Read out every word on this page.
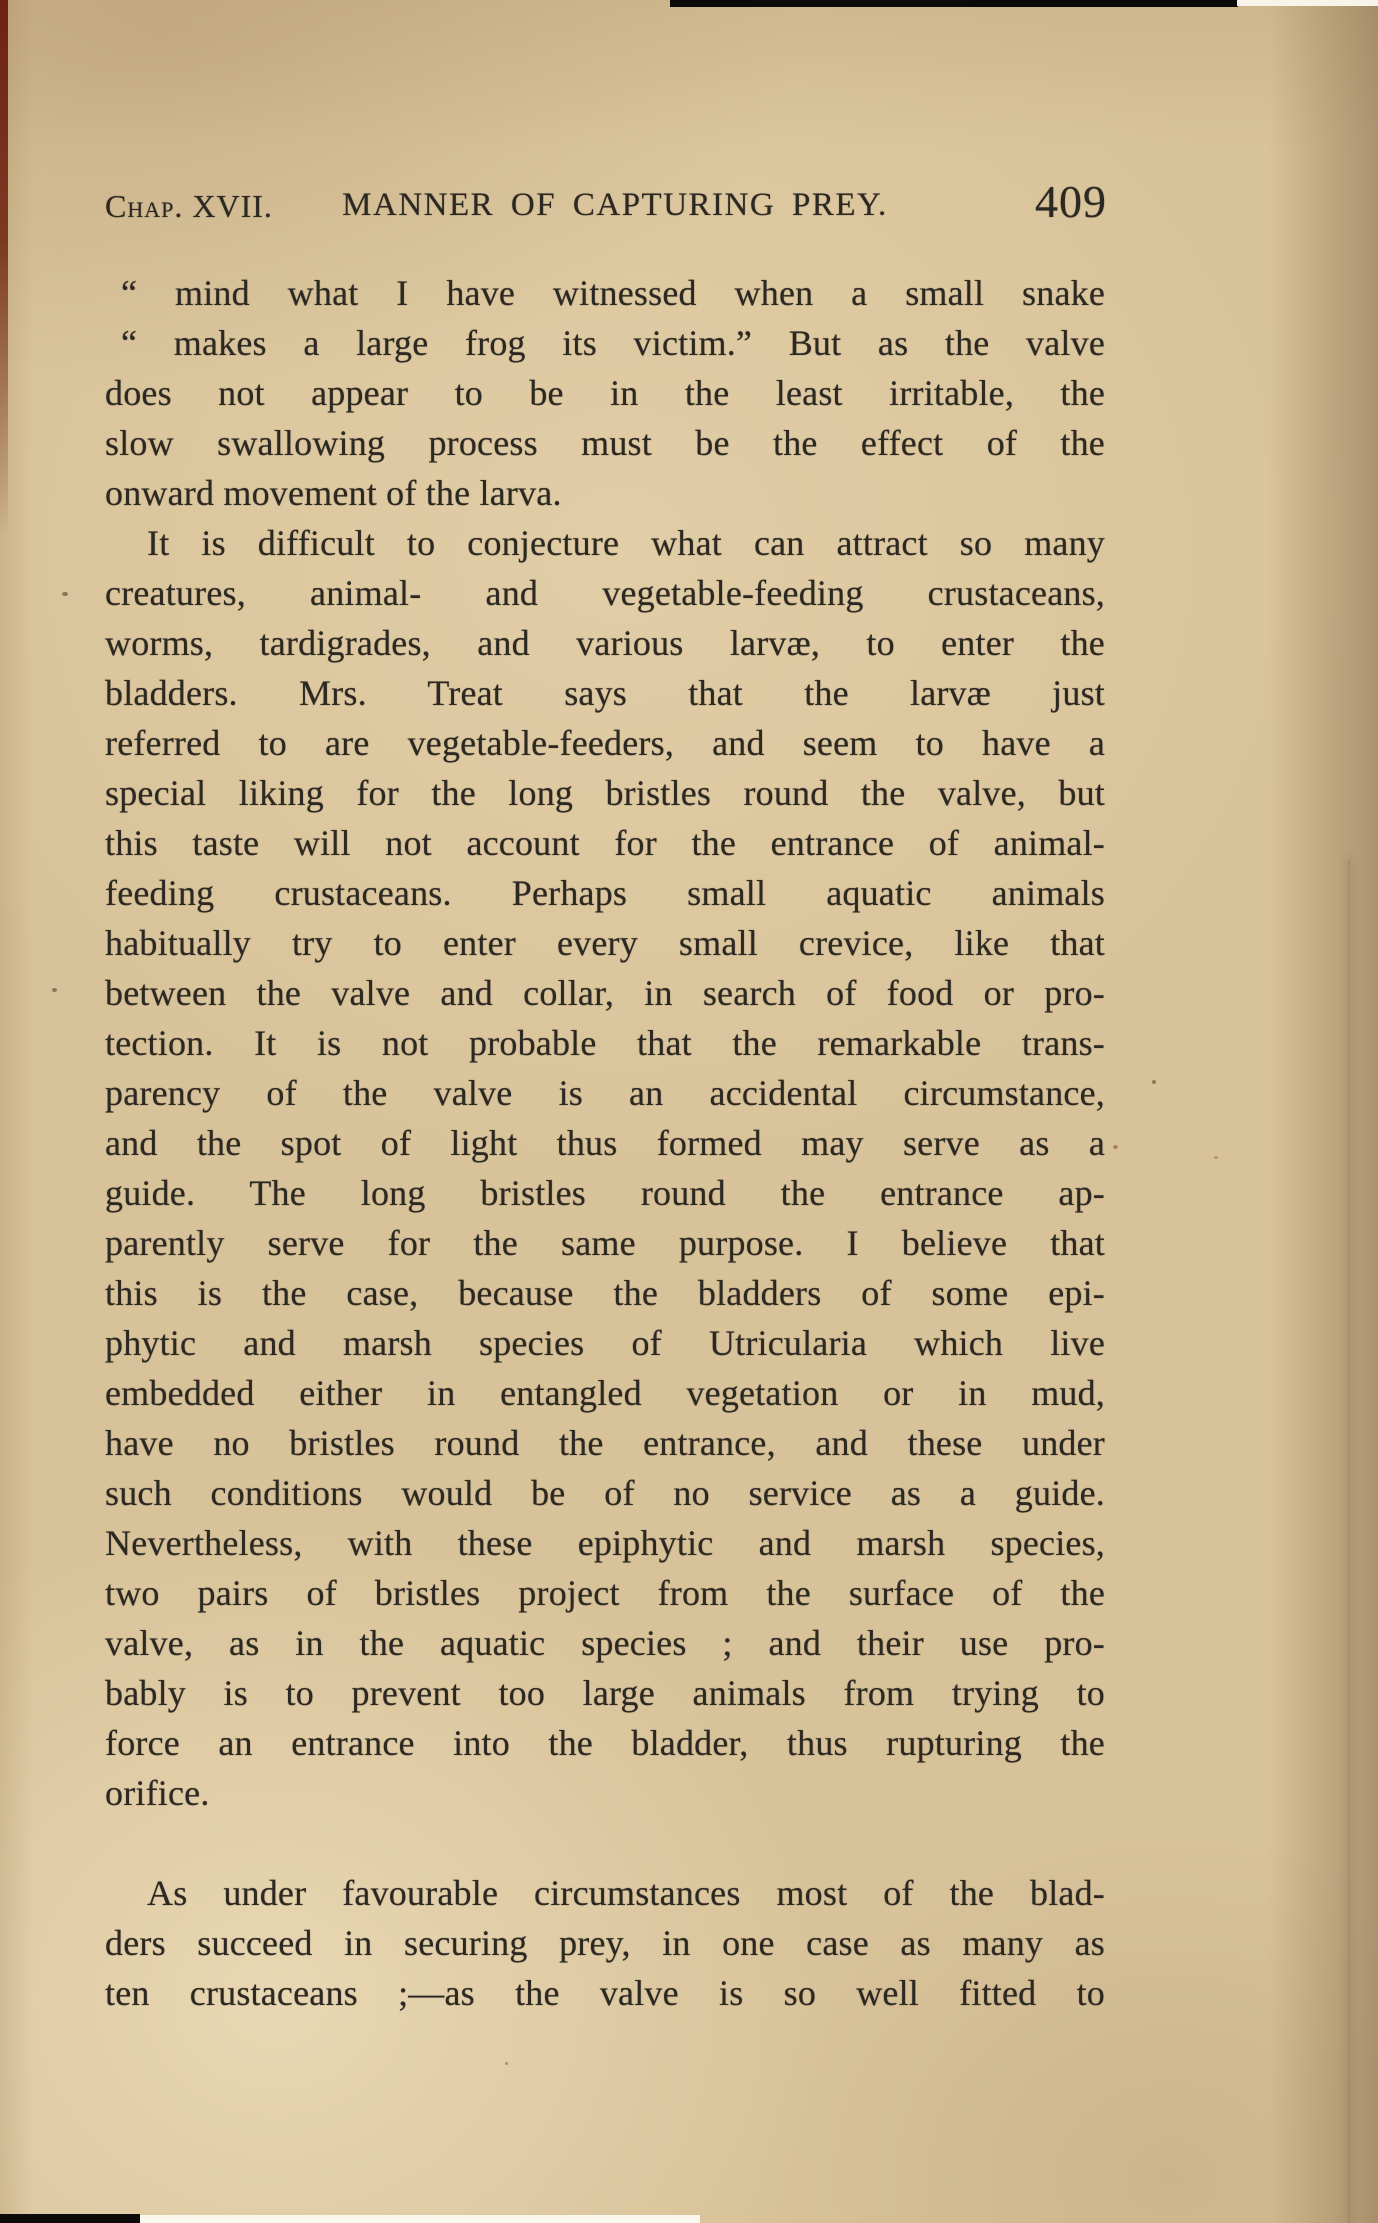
Chap. XVII.	MANNER OF CAPTURING PREY.	409
“ mind what I have witnessed when a small snake
“ makes a large frog its victim.” But as the valve
does not appear to be in the least irritable, the
slow swallowing process must be the effect of the
onward movement of the larva.
It is difficult to conjecture what can attract so many
creatures, animal- and vegetable-feeding crustaceans,
worms, tardigrades, and various larvæ, to enter the
bladders. Mrs. Treat says that the larvæ just
referred to are vegetable-feeders, and seem to have a
special liking for the long bristles round the valve, but
this taste will not account for the entrance of animal-
feeding crustaceans. Perhaps small aquatic animals
habitually try to enter every small crevice, like that
between the valve and collar, in search of food or pro-
tection. It is not probable that the remarkable trans-
parency of the valve is an accidental circumstance,
and the spot of light thus formed may serve as a
guide. The long bristles round the entrance ap-
parently serve for the same purpose. I believe that
this is the case, because the bladders of some epi-
phytic and marsh species of Utricularia which live
embedded either in entangled vegetation or in mud,
have no bristles round the entrance, and these under
such conditions would be of no service as a guide.
Nevertheless, with these epiphytic and marsh species,
two pairs of bristles project from the surface of the
valve, as in the aquatic species ; and their use pro-
bably is to prevent too large animals from trying to
force an entrance into the bladder, thus rupturing the
orifice.
As under favourable circumstances most of the blad-
ders succeed in securing prey, in one case as many as
ten crustaceans ;—as the valve is so well fitted to
